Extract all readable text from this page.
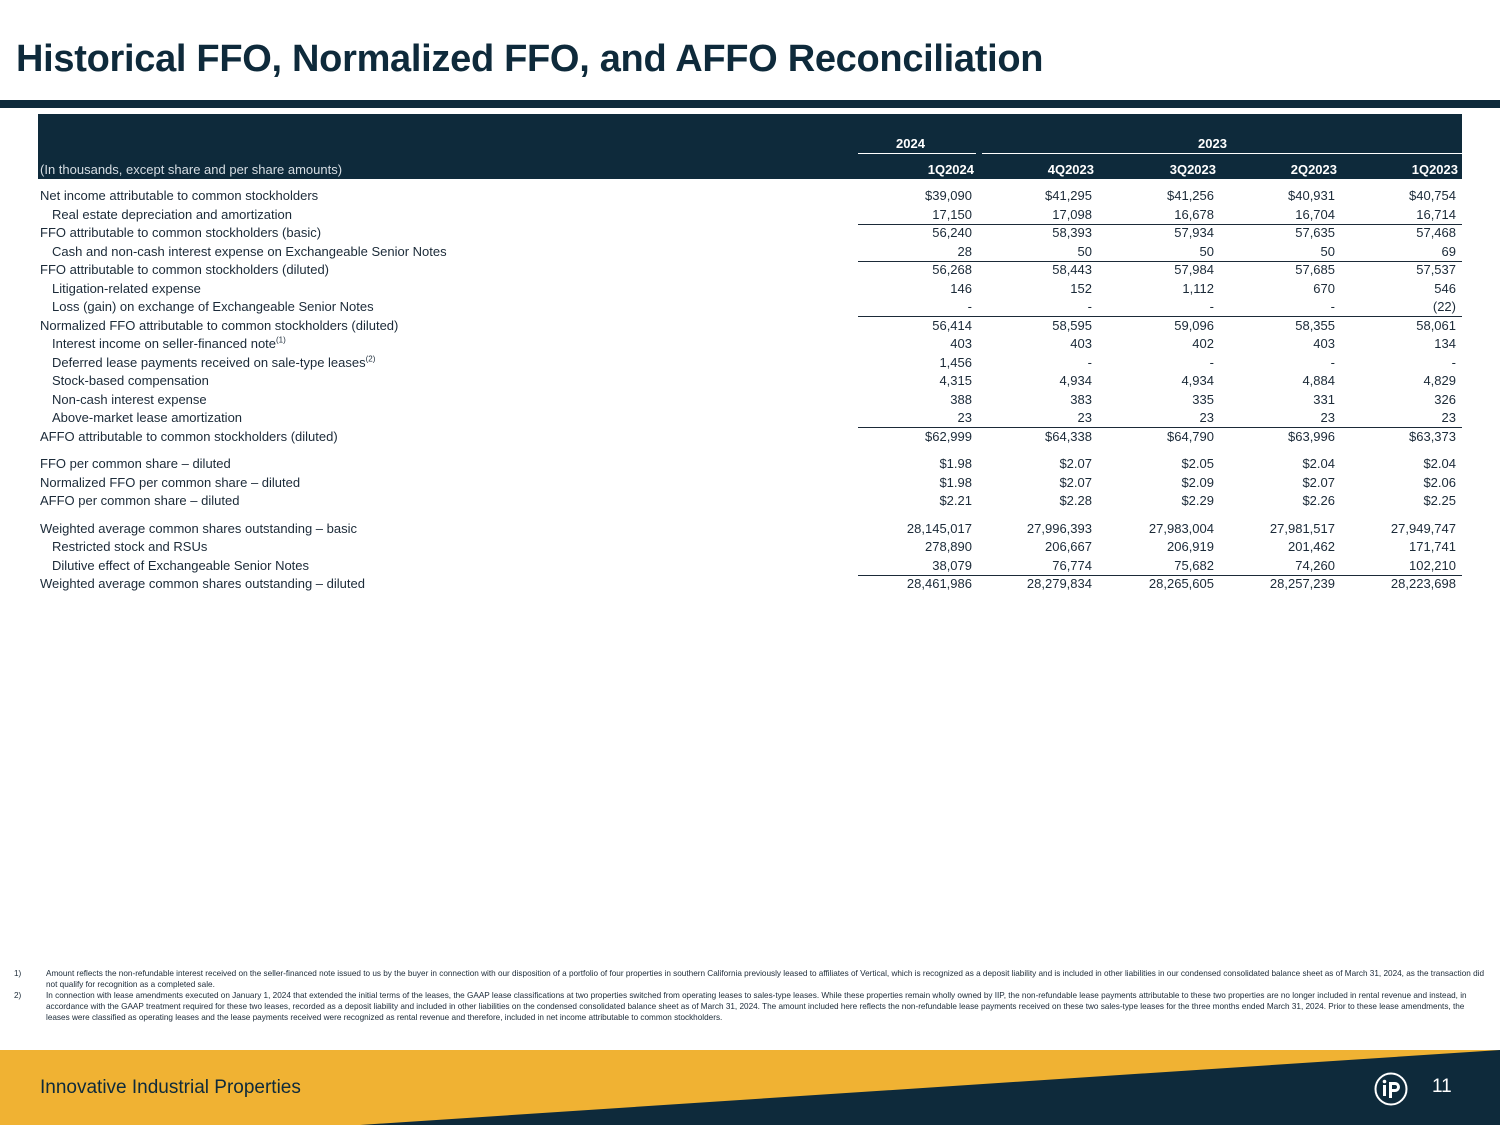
Historical FFO, Normalized FFO, and AFFO Reconciliation
2024	2023
(In thousands, except share and per share amounts)	1Q2024	4Q2023	3Q2023	2Q2023	1Q2023
Net income attributable to common stockholders	$39,090	$41,295	$41,256	$40,931	$40,754
Real estate depreciation and amortization	17,150	17,098	16,678	16,704	16,714
FFO attributable to common stockholders (basic)	56,240	58,393	57,934	57,635	57,468
Cash and non-cash interest expense on Exchangeable Senior Notes	28	50	50	50	69
FFO attributable to common stockholders (diluted)	56,268	58,443	57,984	57,685	57,537
Litigation-related expense	146	152	1,112	670	546
Loss (gain) on exchange of Exchangeable Senior Notes	-	-	-	-	(22)
Normalized FFO attributable to common stockholders (diluted)	56,414	58,595	59,096	58,355	58,061
Interest income on seller-financed note$^{(1)}$	403	403	402	403	134
Deferred lease payments received on sale-type leases$^{(2)}$	1,456	-	-	-	-
Stock-based compensation	4,315	4,934	4,934	4,884	4,829
Non-cash interest expense	388	383	335	331	326
Above-market lease amortization	23	23	23	23	23
AFFO attributable to common stockholders (diluted)	$62,999	$64,338	$64,790	$63,996	$63,373
FFO per common share – diluted	$1.98	$2.07	$2.05	$2.04	$2.04
Normalized FFO per common share – diluted	$1.98	$2.07	$2.09	$2.07	$2.06
AFFO per common share – diluted	$2.21	$2.28	$2.29	$2.26	$2.25
Weighted average common shares outstanding – basic	28,145,017	27,996,393	27,983,004	27,981,517	27,949,747
Restricted stock and RSUs	278,890	206,667	206,919	201,462	171,741
Dilutive effect of Exchangeable Senior Notes	38,079	76,774	75,682	74,260	102,210
Weighted average common shares outstanding – diluted	28,461,986	28,279,834	28,265,605	28,257,239	28,223,698
1)	Amount reflects the non-refundable interest received on the seller-financed note issued to us by the buyer in connection with our disposition of a portfolio of four properties in southern California previously leased to affiliates of Vertical, which is recognized as a deposit liability and is included in other liabilities in our condensed consolidated balance sheet as of March 31, 2024, as the transaction did not qualify for recognition as a completed sale.
2)	In connection with lease amendments executed on January 1, 2024 that extended the initial terms of the leases, the GAAP lease classifications at two properties switched from operating leases to sales-type leases. While these properties remain wholly owned by IIP, the non-refundable lease payments attributable to these two properties are no longer included in rental revenue and instead, in accordance with the GAAP treatment required for these two leases, recorded as a deposit liability and included in other liabilities on the condensed consolidated balance sheet as of March 31, 2024. The amount included here reflects the non-refundable lease payments received on these two sales-type leases for the three months ended March 31, 2024. Prior to these lease amendments, the leases were classified as operating leases and the lease payments received were recognized as rental revenue and therefore, included in net income attributable to common stockholders.
Innovative Industrial Properties	11
